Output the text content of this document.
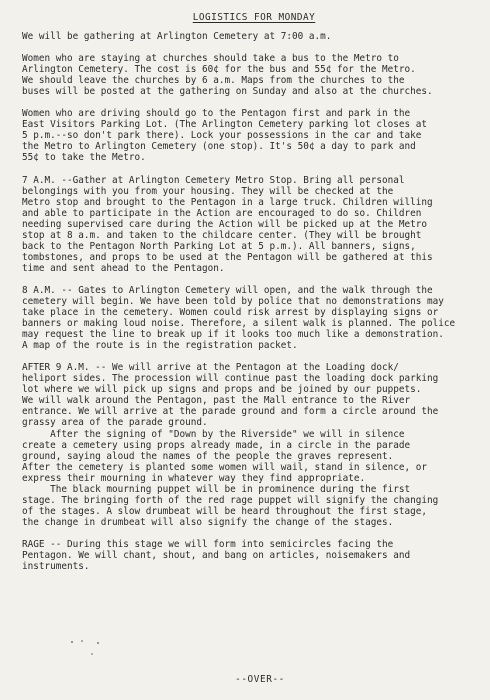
LOGISTICS FOR MONDAY

We will be gathering at Arlington Cemetery at 7:00 a.m.

Women who are staying at churches should take a bus to the Metro to
Arlington Cemetery. The cost is 60¢ for the bus and 55¢ for the Metro.
We should leave the churches by 6 a.m. Maps from the churches to the
buses will be posted at the gathering on Sunday and also at the churches.

Women who are driving should go to the Pentagon first and park in the
East Visitors Parking Lot. (The Arlington Cemetery parking lot closes at
5 p.m.--so don't park there). Lock your possessions in the car and take
the Metro to Arlington Cemetery (one stop). It's 50¢ a day to park and
55¢ to take the Metro.

7 A.M. --Gather at Arlington Cemetery Metro Stop. Bring all personal
belongings with you from your housing. They will be checked at the
Metro stop and brought to the Pentagon in a large truck. Children willing
and able to participate in the Action are encouraged to do so. Children
needing supervised care during the Action will be picked up at the Metro
stop at 8 a.m. and taken to the childcare center. (They will be brought
back to the Pentagon North Parking Lot at 5 p.m.). All banners, signs,
tombstones, and props to be used at the Pentagon will be gathered at this
time and sent ahead to the Pentagon.

8 A.M. -- Gates to Arlington Cemetery will open, and the walk through the
cemetery will begin. We have been told by police that no demonstrations may
take place in the cemetery. Women could risk arrest by displaying signs or
banners or making loud noise. Therefore, a silent walk is planned. The police
may request the line to break up if it looks too much like a demonstration.
A map of the route is in the registration packet.

AFTER 9 A.M. -- We will arrive at the Pentagon at the Loading dock/
heliport sides. The procession will continue past the loading dock parking
lot where we will pick up signs and props and be joined by our puppets.
We will walk around the Pentagon, past the Mall entrance to the River
entrance. We will arrive at the parade ground and form a circle around the
grassy area of the parade ground.

After the signing of "Down by the Riverside" we will in silence
create a cemetery using props already made, in a circle in the parade
ground, saying aloud the names of the people the graves represent.
After the cemetery is planted some women will wail, stand in silence, or
express their mourning in whatever way they find appropriate.

The black mourning puppet will be in prominence during the first
stage. The bringing forth of the red rage puppet will signify the changing
of the stages. A slow drumbeat will be heard throughout the first stage,
the change in drumbeat will also signify the change of the stages.

RAGE -- During this stage we will form into semicircles facing the
Pentagon. We will chant, shout, and bang on articles, noisemakers and
instruments.

--OVER--
